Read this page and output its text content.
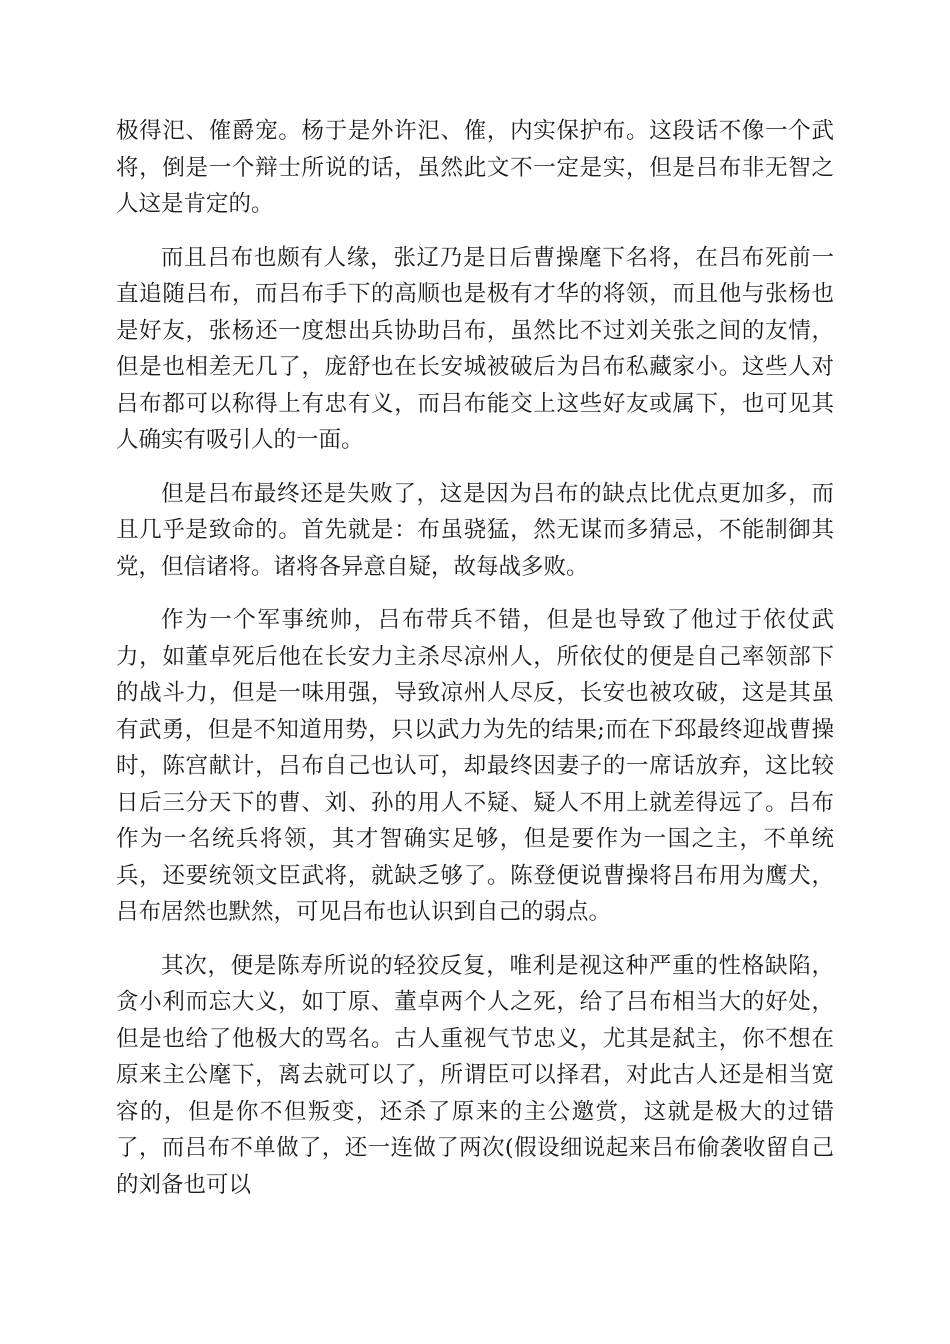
极得汜、傕爵宠。杨于是外许汜、傕，内实保护布。这段话不像一个武将，倒是一个辩士所说的话，虽然此文不一定是实，但是吕布非无智之人这是肯定的。

而且吕布也颇有人缘，张辽乃是日后曹操麾下名将，在吕布死前一直追随吕布，而吕布手下的高顺也是极有才华的将领，而且他与张杨也是好友，张杨还一度想出兵协助吕布，虽然比不过刘关张之间的友情，但是也相差无几了，庞舒也在长安城被破后为吕布私藏家小。这些人对吕布都可以称得上有忠有义，而吕布能交上这些好友或属下，也可见其人确实有吸引人的一面。

但是吕布最终还是失败了，这是因为吕布的缺点比优点更加多，而且几乎是致命的。首先就是：布虽骁猛，然无谋而多猜忌，不能制御其党，但信诸将。诸将各异意自疑，故每战多败。

作为一个军事统帅，吕布带兵不错，但是也导致了他过于依仗武力，如董卓死后他在长安力主杀尽凉州人，所依仗的便是自己率领部下的战斗力，但是一味用强，导致凉州人尽反，长安也被攻破，这是其虽有武勇，但是不知道用势，只以武力为先的结果;而在下邳最终迎战曹操时，陈宫献计，吕布自己也认可，却最终因妻子的一席话放弃，这比较日后三分天下的曹、刘、孙的用人不疑、疑人不用上就差得远了。吕布作为一名统兵将领，其才智确实足够，但是要作为一国之主，不单统兵，还要统领文臣武将，就缺乏够了。陈登便说曹操将吕布用为鹰犬，吕布居然也默然，可见吕布也认识到自己的弱点。

其次，便是陈寿所说的轻狡反复，唯利是视这种严重的性格缺陷，贪小利而忘大义，如丁原、董卓两个人之死，给了吕布相当大的好处，但是也给了他极大的骂名。古人重视气节忠义，尤其是弑主，你不想在原来主公麾下，离去就可以了，所谓臣可以择君，对此古人还是相当宽容的，但是你不但叛变，还杀了原来的主公邀赏，这就是极大的过错了，而吕布不单做了，还一连做了两次(假设细说起来吕布偷袭收留自己的刘备也可以
